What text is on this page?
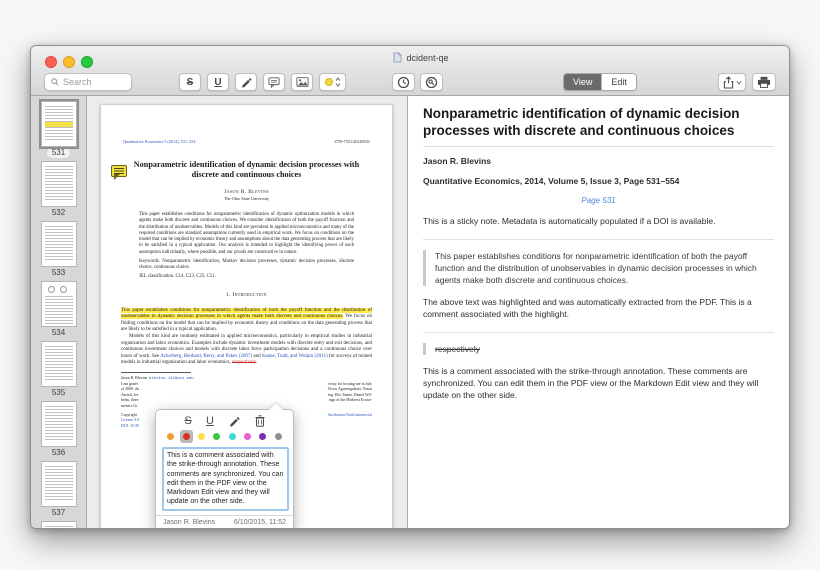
dcident-qe
Search	S U	View	Edit
531
532
533
534
535
536
537
Quantitative Economics 5 (2014), 531–554	1759-7331/20140531
Nonparametric identification of dynamic decision processes with discrete and continuous choices
Jason R. Blevins
The Ohio State University
This paper establishes conditions for nonparametric identification of dynamic optimization models in which agents make both discrete and continuous choices. We consider identification of both the payoff function and the distribution of unobservables. Models of this kind are prevalent in applied microeconomics and many of the required conditions are standard assumptions currently used in empirical work. We focus on conditions on the model that can be implied by economic theory and assumptions about the data generating process that are likely to be satisfied in a typical application. Our analysis is intended to highlight the identifying power of each assumption individually, where possible, and our proofs are constructive in nature.
Keywords. Nonparametric identification, Markov decision processes, dynamic decision processes, discrete choice, continuous choice.
JEL classification. C14, C23, C25, C51.
1. Introduction
This paper establishes conditions for nonparametric identification of both the payoff function and the distribution of unobservables in dynamic decision processes in which agents make both discrete and continuous choices. We focus on finding conditions on the model that can be implied by economic theory and conditions on the data generating process that are likely to be satisfied in a typical application.
Models of this kind are routinely estimated in applied microeconomics, particularly in empirical studies in industrial organization and labor economics. Examples include dynamic investment models with discrete entry and exit decisions, and continuous investment choices and models with discrete labor force participation decisions and a continuous choice over hours of work. See Ackerberg, Benkard, Berry, and Pakes (2007) and Keane, Todd, and Wolpin (2011) for surveys of related models in industrial organization and labor economics, respectively.
Jason R. Blevins: blevins.141@osu.edu
I am gratef	ersity for hosting me in July
of 2008, du	Victor Aguirregabiria, Yaron
Azrieli, Jer	ing, Elie Tamer, Daniel Wil-
helm, three	ings of the Midwest Econo-
metrics Gr
Copyright	Attribution-NonCommercial
License 3.0
DOI: 10.39	S U
This is a comment associated with the strike-through annotation. These comments are synchronized. You can edit them in the PDF view or the Markdown Edit view and they will update on the other side.
Jason R. Blevins	6/10/2015, 11:52
Nonparametric identification of dynamic decision processes with discrete and continuous choices
Jason R. Blevins
Quantitative Economics, 2014, Volume 5, Issue 3, Page 531–554
Page 531
This is a sticky note. Metadata is automatically populated if a DOI is available.
This paper establishes conditions for nonparametric identification of both the payoff function and the distribution of unobservables in dynamic decision processes in which agents make both discrete and continuous choices.
The above text was highlighted and was automatically extracted from the PDF. This is a comment associated with the highlight.
respectively
This is a comment associated with the strike-through annotation. These comments are synchronized. You can edit them in the PDF view or the Markdown Edit view and they will update on the other side.
